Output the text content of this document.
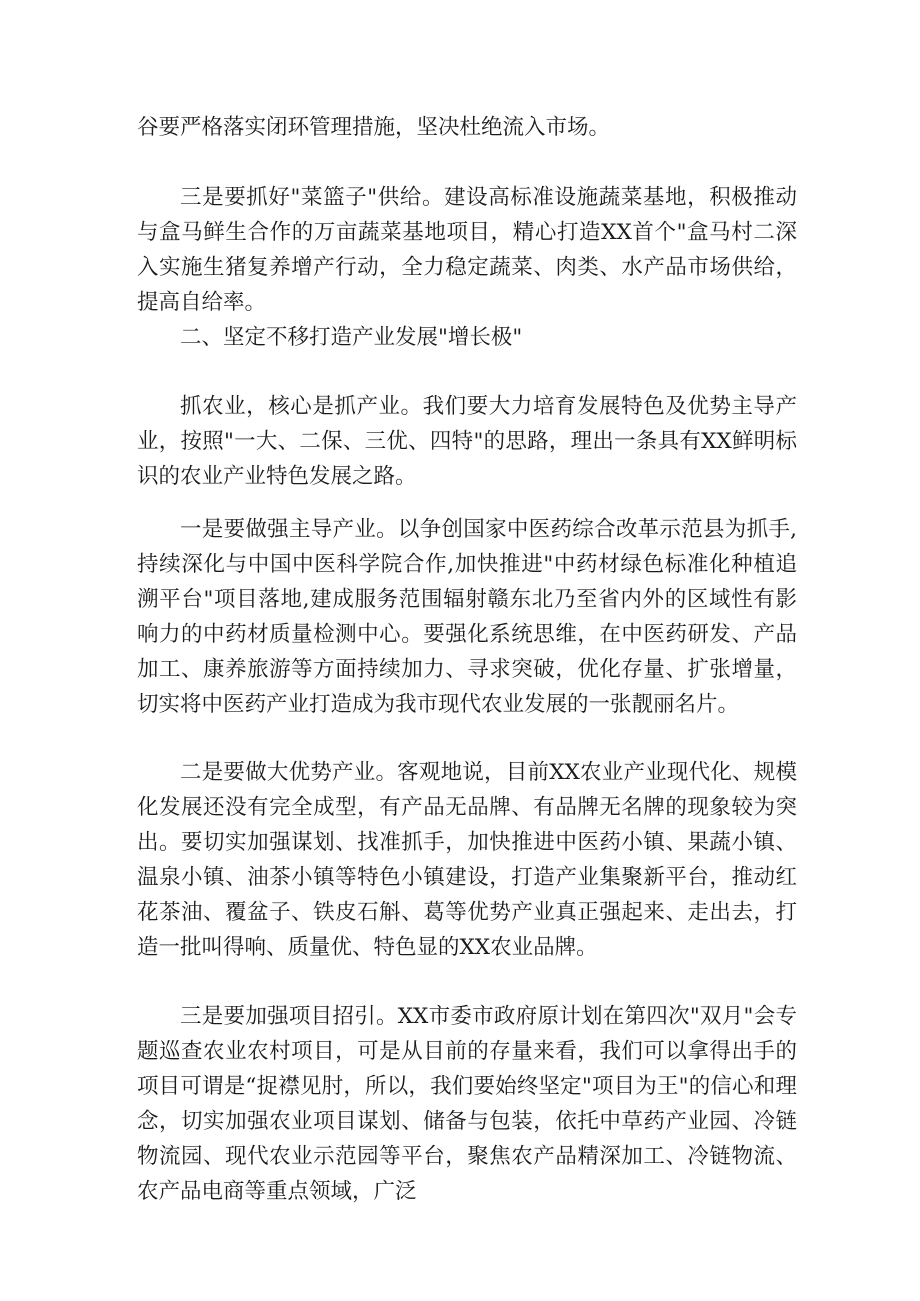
谷要严格落实闭环管理措施，坚决杜绝流入市场。

三是要抓好"菜篮子"供给。建设高标准设施蔬菜基地，积极推动与盒马鲜生合作的万亩蔬菜基地项目，精心打造XX首个"盒马村二深入实施生猪复养增产行动，全力稳定蔬菜、肉类、水产品市场供给，提高自给率。

二、坚定不移打造产业发展"增长极"

抓农业，核心是抓产业。我们要大力培育发展特色及优势主导产业，按照"一大、二保、三优、四特"的思路，理出一条具有XX鲜明标识的农业产业特色发展之路。

一是要做强主导产业。以争创国家中医药综合改革示范县为抓手,持续深化与中国中医科学院合作,加快推进"中药材绿色标准化种植追溯平台"项目落地,建成服务范围辐射赣东北乃至省内外的区域性有影响力的中药材质量检测中心。要强化系统思维，在中医药研发、产品加工、康养旅游等方面持续加力、寻求突破，优化存量、扩张增量，切实将中医药产业打造成为我市现代农业发展的一张靓丽名片。

二是要做大优势产业。客观地说，目前XX农业产业现代化、规模化发展还没有完全成型，有产品无品牌、有品牌无名牌的现象较为突出。要切实加强谋划、找准抓手，加快推进中医药小镇、果蔬小镇、温泉小镇、油茶小镇等特色小镇建设，打造产业集聚新平台，推动红花茶油、覆盆子、铁皮石斛、葛等优势产业真正强起来、走出去，打造一批叫得响、质量优、特色显的XX农业品牌。

三是要加强项目招引。XX市委市政府原计划在第四次"双月"会专题巡查农业农村项目，可是从目前的存量来看，我们可以拿得出手的项目可谓是“捉襟见肘，所以，我们要始终坚定"项目为王"的信心和理念，切实加强农业项目谋划、储备与包装，依托中草药产业园、冷链物流园、现代农业示范园等平台，聚焦农产品精深加工、冷链物流、农产品电商等重点领域，广泛
